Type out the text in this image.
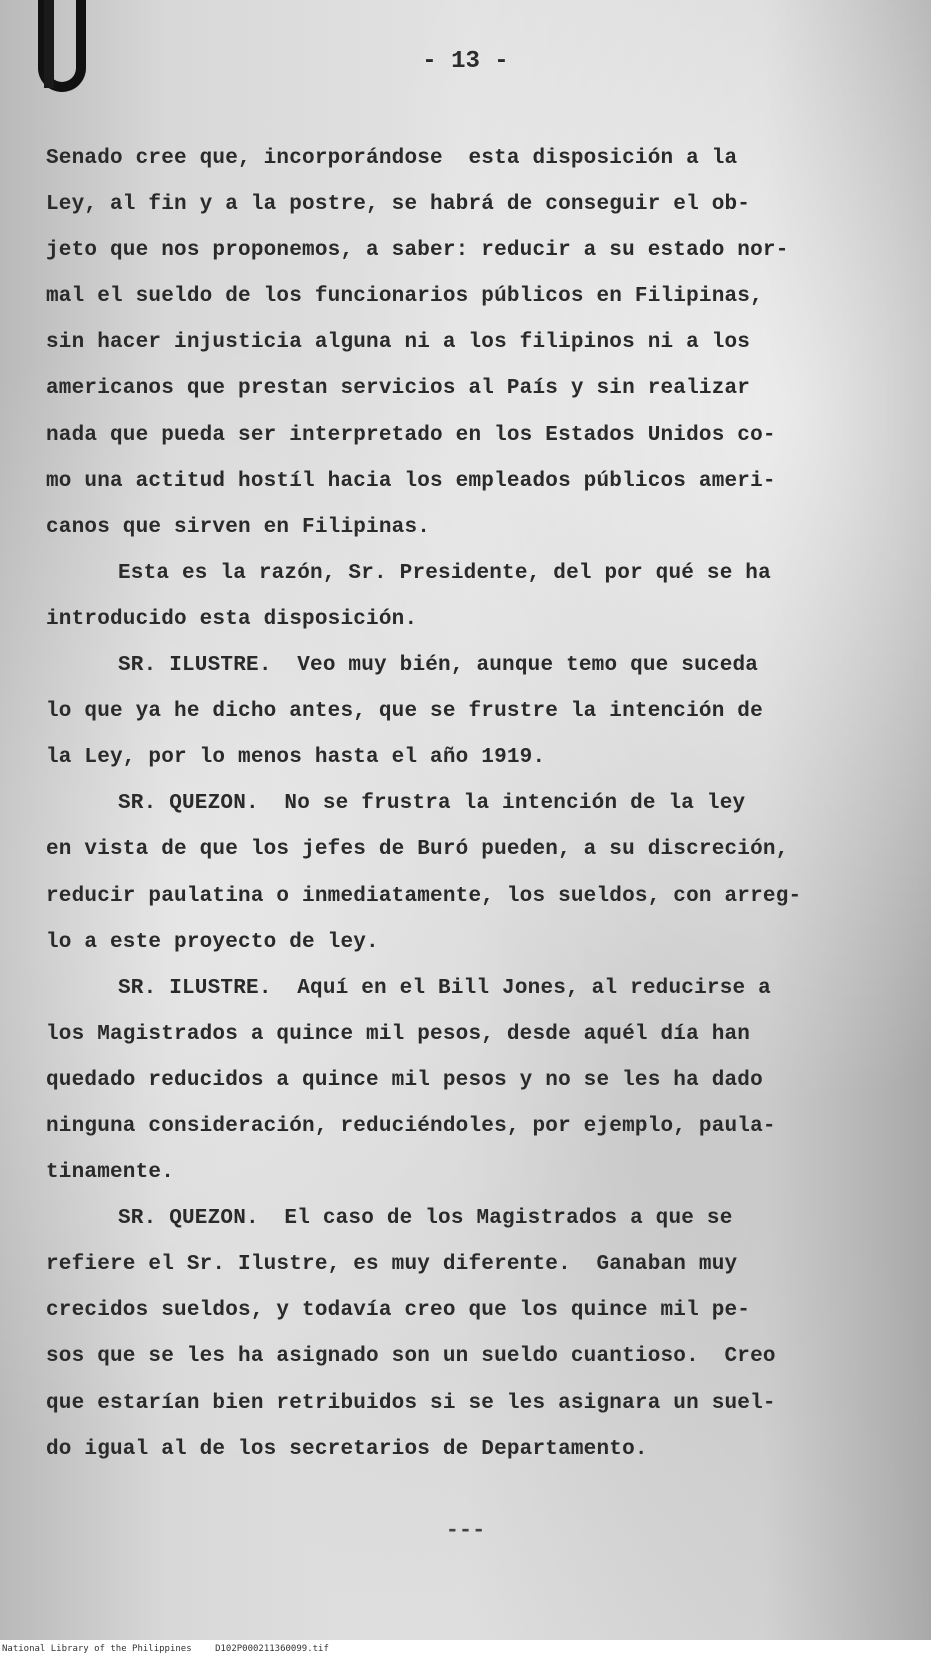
- 13 -
Senado cree que, incorporándose  esta disposición a la
Ley, al fin y a la postre, se habrá de conseguir el ob-
jeto que nos proponemos, a saber: reducir a su estado nor-
mal el sueldo de los funcionarios públicos en Filipinas,
sin hacer injusticia alguna ni a los filipinos ni a los
americanos que prestan servicios al País y sin realizar
nada que pueda ser interpretado en los Estados Unidos co-
mo una actitud hostíl hacia los empleados públicos ameri-
canos que sirven en Filipinas.
Esta es la razón, Sr. Presidente, del por qué se ha
introducido esta disposición.
SR. ILUSTRE.  Veo muy bién, aunque temo que suceda
lo que ya he dicho antes, que se frustre la intención de
la Ley, por lo menos hasta el año 1919.
SR. QUEZON.  No se frustra la intención de la ley
en vista de que los jefes de Buró pueden, a su discreción,
reducir paulatina o inmediatamente, los sueldos, con arreg-
lo a este proyecto de ley.
SR. ILUSTRE.  Aquí en el Bill Jones, al reducirse a
los Magistrados a quince mil pesos, desde aquél día han
quedado reducidos a quince mil pesos y no se les ha dado
ninguna consideración, reduciéndoles, por ejemplo, paula-
tinamente.
SR. QUEZON.  El caso de los Magistrados a que se
refiere el Sr. Ilustre, es muy diferente.  Ganaban muy
crecidos sueldos, y todavía creo que los quince mil pe-
sos que se les ha asignado son un sueldo cuantioso.  Creo
que estarían bien retribuidos si se les asignara un suel-
do igual al de los secretarios de Departamento.
---
National Library of the Philippines	D102P000211360099.tif
